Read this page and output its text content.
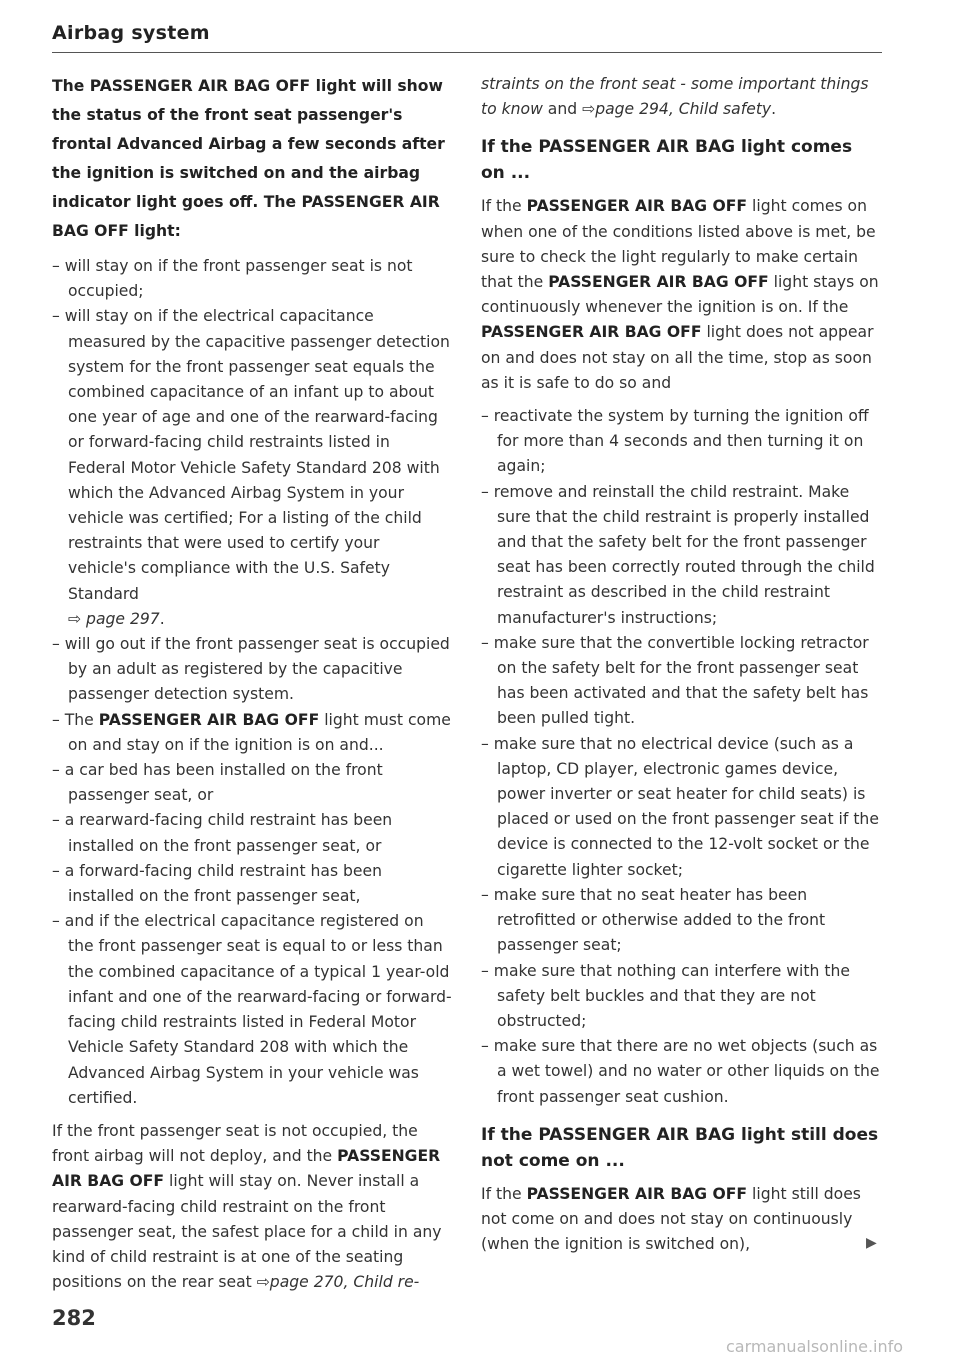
Airbag system

The PASSENGER AIR BAG OFF light will show the status of the front seat passenger's frontal Advanced Airbag a few seconds after the ignition is switched on and the airbag indicator light goes off. The PASSENGER AIR BAG OFF light:

– will stay on if the front passenger seat is not occupied;
– will stay on if the electrical capacitance measured by the capacitive passenger detection system for the front passenger seat equals the combined capacitance of an infant up to about one year of age and one of the rearward-facing or forward-facing child restraints listed in Federal Motor Vehicle Safety Standard 208 with which the Advanced Airbag System in your vehicle was certified; For a listing of the child restraints that were used to certify your vehicle's compliance with the U.S. Safety Standard
⇨ page 297.
– will go out if the front passenger seat is occupied by an adult as registered by the capacitive passenger detection system.
– The PASSENGER AIR BAG OFF light must come on and stay on if the ignition is on and...
– a car bed has been installed on the front passenger seat, or
– a rearward-facing child restraint has been installed on the front passenger seat, or
– a forward-facing child restraint has been installed on the front passenger seat,
– and if the electrical capacitance registered on the front passenger seat is equal to or less than the combined capacitance of a typical 1 year-old infant and one of the rearward-facing or forward-facing child restraints listed in Federal Motor Vehicle Safety Standard 208 with which the Advanced Airbag System in your vehicle was certified.

If the front passenger seat is not occupied, the front airbag will not deploy, and the PASSENGER AIR BAG OFF light will stay on. Never install a rearward-facing child restraint on the front passenger seat, the safest place for a child in any kind of child restraint is at one of the seating positions on the rear seat ⇨page 270, Child re-

straints on the front seat - some important things to know and ⇨page 294, Child safety.

If the PASSENGER AIR BAG light comes on ...

If the PASSENGER AIR BAG OFF light comes on when one of the conditions listed above is met, be sure to check the light regularly to make certain that the PASSENGER AIR BAG OFF light stays on continuously whenever the ignition is on. If the PASSENGER AIR BAG OFF light does not appear on and does not stay on all the time, stop as soon as it is safe to do so and

– reactivate the system by turning the ignition off for more than 4 seconds and then turning it on again;
– remove and reinstall the child restraint. Make sure that the child restraint is properly installed and that the safety belt for the front passenger seat has been correctly routed through the child restraint as described in the child restraint manufacturer's instructions;
– make sure that the convertible locking retractor on the safety belt for the front passenger seat has been activated and that the safety belt has been pulled tight.
– make sure that no electrical device (such as a laptop, CD player, electronic games device, power inverter or seat heater for child seats) is placed or used on the front passenger seat if the device is connected to the 12-volt socket or the cigarette lighter socket;
– make sure that no seat heater has been retrofitted or otherwise added to the front passenger seat;
– make sure that nothing can interfere with the safety belt buckles and that they are not obstructed;
– make sure that there are no wet objects (such as a wet towel) and no water or other liquids on the front passenger seat cushion.
If the PASSENGER AIR BAG light still does not come on ...

If the PASSENGER AIR BAG OFF light still does not come on and does not stay on continuously (when the ignition is switched on),	▶
282
carmanualsonline.info
